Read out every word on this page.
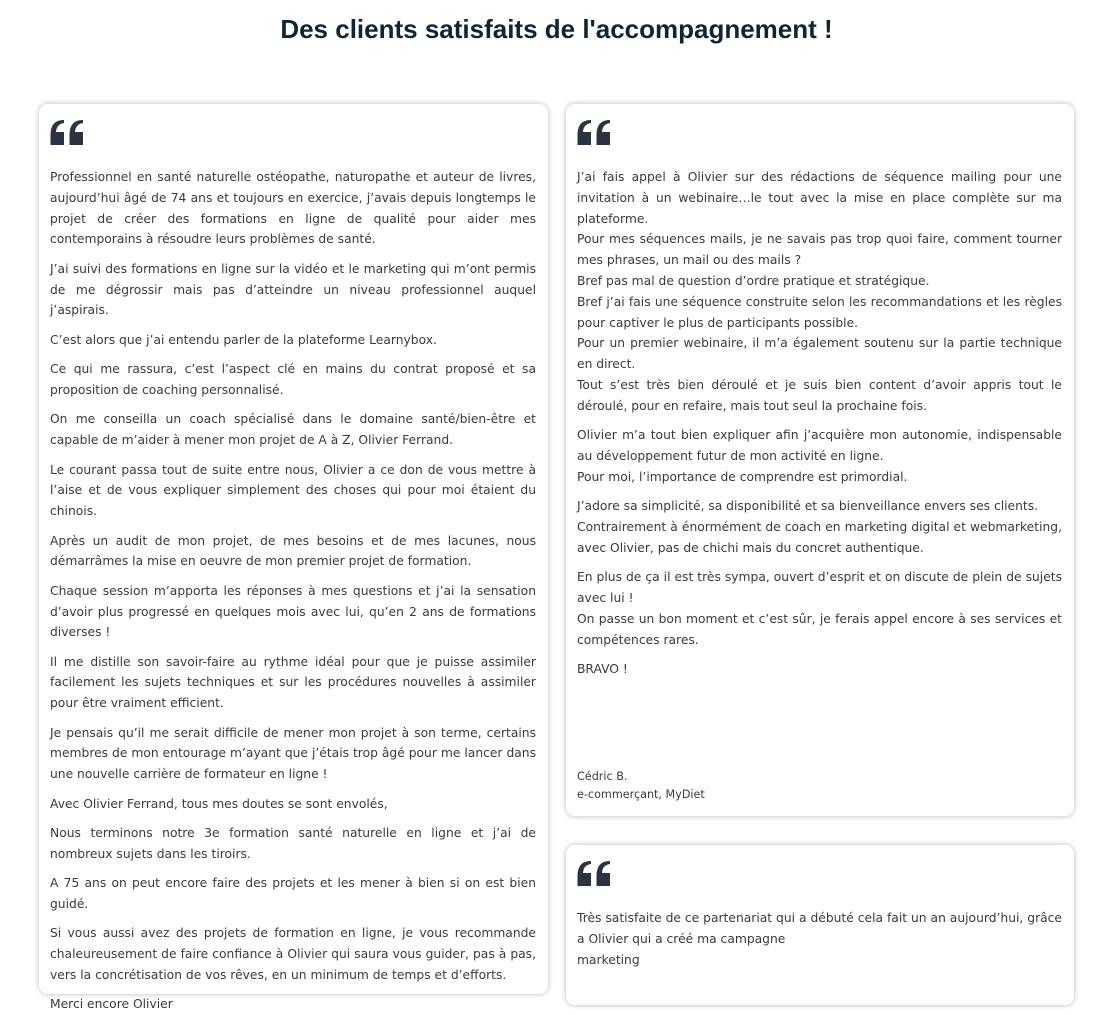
Des clients satisfaits de l'accompagnement !

Professionnel en santé naturelle ostéopathe, naturopathe et auteur de livres, aujourd’hui âgé de 74 ans et toujours en exercice, j’avais depuis longtemps le projet de créer des formations en ligne de qualité pour aider mes contemporains à résoudre leurs problèmes de santé.

J’ai suivi des formations en ligne sur la vidéo et le marketing qui m’ont permis de me dégrossir mais pas d’atteindre un niveau professionnel auquel j’aspirais.

C’est alors que j’ai entendu parler de la plateforme Learnybox.

Ce qui me rassura, c’est l’aspect clé en mains du contrat proposé et sa proposition de coaching personnalisé.

On me conseilla un coach spécialisé dans le domaine santé/bien-être et capable de m’aider à mener mon projet de A à Z, Olivier Ferrand.

Le courant passa tout de suite entre nous, Olivier a ce don de vous mettre à l’aise et de vous expliquer simplement des choses qui pour moi étaient du chinois.

Après un audit de mon projet, de mes besoins et de mes lacunes, nous démarrâmes la mise en oeuvre de mon premier projet de formation.

Chaque session m’apporta les réponses à mes questions et j’ai la sensation d’avoir plus progressé en quelques mois avec lui, qu’en 2 ans de formations diverses !

Il me distille son savoir-faire au rythme idéal pour que je puisse assimiler facilement les sujets techniques et sur les procédures nouvelles à assimiler pour être vraiment efficient.

Je pensais qu’il me serait difficile de mener mon projet à son terme, certains membres de mon entourage m’ayant que j’étais trop âgé pour me lancer dans une nouvelle carrière de formateur en ligne !

Avec Olivier Ferrand, tous mes doutes se sont envolés,

Nous terminons notre 3e formation santé naturelle en ligne et j’ai de nombreux sujets dans les tiroirs.

A 75 ans on peut encore faire des projets et les mener à bien si on est bien guidé.

Si vous aussi avez des projets de formation en ligne, je vous recommande chaleureusement de faire confiance à Olivier qui saura vous guider, pas à pas, vers la concrétisation de vos rêves, en un minimum de temps et d’efforts.

Merci encore Olivier

J’ai fais appel à Olivier sur des rédactions de séquence mailing pour une invitation à un webinaire…le tout avec la mise en place complète sur ma plateforme.

Pour mes séquences mails, je ne savais pas trop quoi faire, comment tourner mes phrases, un mail ou des mails ?

Bref pas mal de question d’ordre pratique et stratégique.

Bref j’ai fais une séquence construite selon les recommandations et les règles pour captiver le plus de participants possible.

Pour un premier webinaire, il m’a également soutenu sur la partie technique en direct.

Tout s’est très bien déroulé et je suis bien content d’avoir appris tout le déroulé, pour en refaire, mais tout seul la prochaine fois.

Olivier m’a tout bien expliquer afin j’acquière mon autonomie, indispensable au développement futur de mon activité en ligne.

Pour moi, l’importance de comprendre est primordial.

J’adore sa simplicité, sa disponibilité et sa bienveillance envers ses clients.

Contrairement à énormément de coach en marketing digital et webmarketing, avec Olivier, pas de chichi mais du concret authentique.

En plus de ça il est très sympa, ouvert d’esprit et on discute de plein de sujets avec lui !

On passe un bon moment et c’est sûr, je ferais appel encore à ses services et compétences rares.

BRAVO !

Cédric B.
e-commerçant, MyDiet

Très satisfaite de ce partenariat qui a débuté cela fait un an aujourd’hui, grâce a Olivier qui a créé ma campagne

marketing
